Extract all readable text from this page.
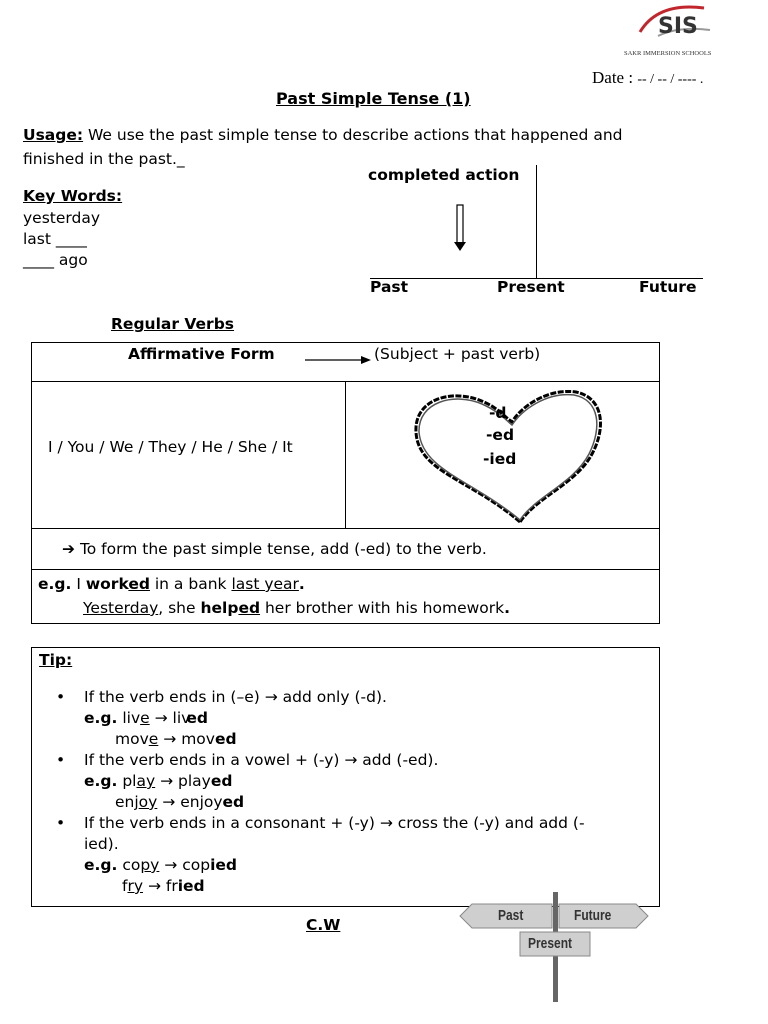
SIS
SAKR IMMERSION SCHOOLS
Date : -- / -- / ---- .
Past Simple Tense (1)
Usage: We use the past simple tense to describe actions that happened and
finished in the past._
Key Words:
yesterday
last ____
____ ago
completed action
Past	Present	Future
Regular Verbs
Affirmative Form	(Subject + past verb)
I / You / We / They / He / She / It
-d
-ed
-ied
➔ To form the past simple tense, add (-ed) to the verb.
e.g. I worked in a bank last year.
Yesterday, she helped her brother with his homework.
Tip:
• If the verb ends in (–e) → add only (-d).
e.g. live → lived
move → moved
• If the verb ends in a vowel + (-y) → add (-ed).
e.g. play → played
enjoy → enjoyed
• If the verb ends in a consonant + (-y) → cross the (-y) and add (-
ied).
e.g. copy → copied
fry → fried
C.W
Past	Future
Present
